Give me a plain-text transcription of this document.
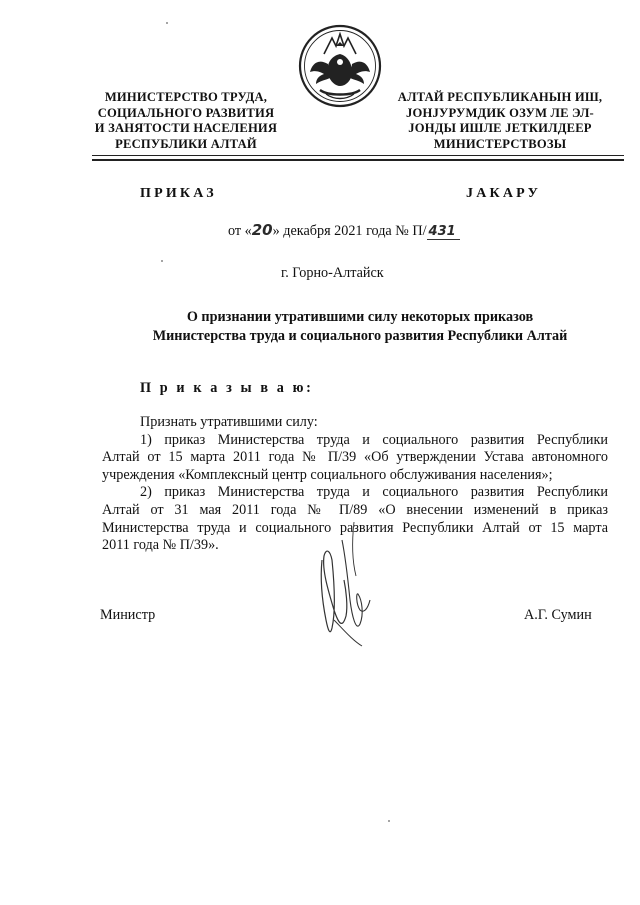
МИНИСТЕРСТВО ТРУДА,
СОЦИАЛЬНОГО РАЗВИТИЯ
И ЗАНЯТОСТИ НАСЕЛЕНИЯ
РЕСПУБЛИКИ АЛТАЙ
АЛТАЙ РЕСПУБЛИКАНЫН ИШ,
ЈОНЈУРУМДИК ОЗУМ ЛЕ ЭЛ-
ЈОНДЫ ИШЛЕ ЈЕТКИЛДЕЕР
МИНИСТЕРСТВОЗЫ
ПРИКАЗ	ЈАКАРУ
от «20» декабря 2021 года № П/ 431
г. Горно-Алтайск
О признании утратившими силу некоторых приказов
Министерства труда и социального развития Республики Алтай
П р и к а з ы в а ю:
Признать утратившими силу:
1) приказ Министерства труда и социального развития Республики
Алтай от 15 марта 2011 года № П/39 «Об утверждении Устава автономного
учреждения «Комплексный центр социального обслуживания населения»;
2) приказ Министерства труда и социального развития Республики
Алтай от 31 мая 2011 года № П/89 «О внесении изменений в приказ
Министерства труда и социального развития Республики Алтай от 15 марта
2011 года № П/39».
Министр	А.Г. Сумин
